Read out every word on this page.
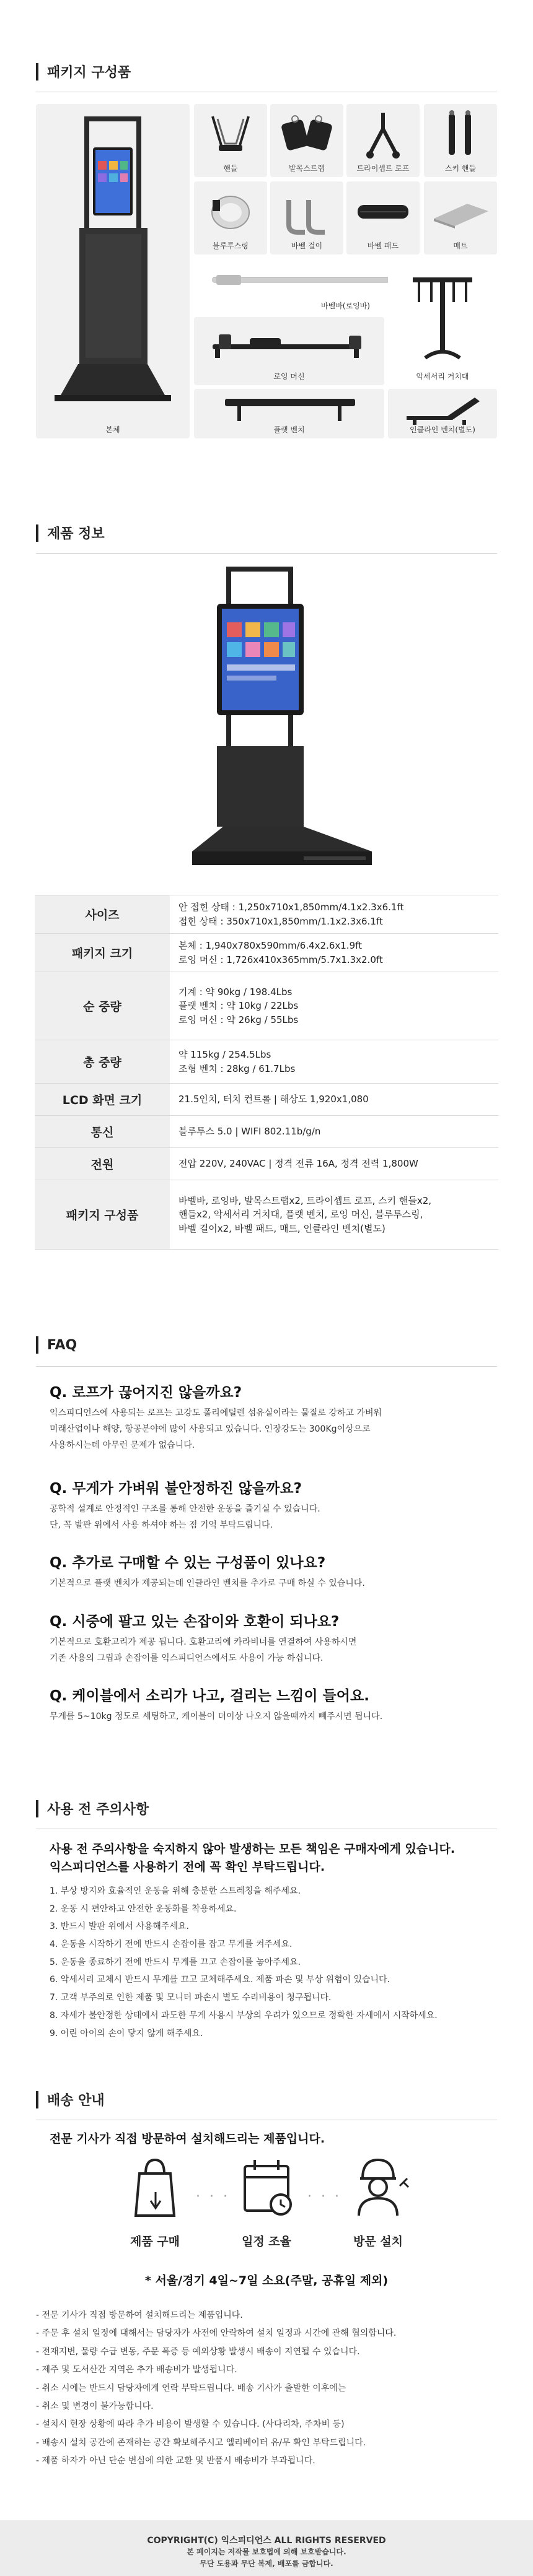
패키지 구성품
본체
핸들	발목스트랩	트라이셉트 로프	스키 핸들
블루투스링	바벨 걸이	바벨 패드	매트
바벨바(로잉바)
로잉 머신	악세서리 거치대
플랫 벤치	인클라인 벤치(별도)
제품 정보
사이즈	안 접힌 상태 : 1,250x710x1,850mm/4.1x2.3x6.1ft
접힌 상태 : 350x710x1,850mm/1.1x2.3x6.1ft
패키지 크기	본체 : 1,940x780x590mm/6.4x2.6x1.9ft
로잉 머신 : 1,726x410x365mm/5.7x1.3x2.0ft
순 중량	기계 : 약 90kg / 198.4Lbs
플랫 벤치 : 약 10kg / 22Lbs
로잉 머신 : 약 26kg / 55Lbs
총 중량	약 115kg / 254.5Lbs
조형 벤치 : 28kg / 61.7Lbs
LCD 화면 크기	21.5인치, 터치 컨트롤 | 해상도 1,920x1,080
통신	블루투스 5.0 | WIFI 802.11b/g/n
전원	전압 220V, 240VAC | 정격 전류 16A, 정격 전력 1,800W
패키지 구성품	바벨바, 로잉바, 발목스트랩x2, 트라이셉트 로프, 스키 핸들x2,
핸들x2, 악세서리 거치대, 플랫 벤치, 로잉 머신, 블루투스링,
바벨 걸이x2, 바벨 패드, 매트, 인클라인 벤치(별도)
FAQ
Q. 로프가 끊어지진 않을까요?
익스피디언스에 사용되는 로프는 고강도 폴리에틸렌 섬유실이라는 물질로 강하고 가벼워
미래산업이나 해양, 항공분야에 많이 사용되고 있습니다. 인장강도는 300Kg이상으로
사용하시는데 아무런 문제가 없습니다.
Q. 무게가 가벼워 불안정하진 않을까요?
공학적 설계로 안정적인 구조를 통해 안전한 운동을 즐기실 수 있습니다.
단, 꼭 발판 위에서 사용 하셔야 하는 점 기억 부탁드립니다.
Q. 추가로 구매할 수 있는 구성품이 있나요?
기본적으로 플랫 벤치가 제공되는데 인클라인 벤치를 추가로 구매 하실 수 있습니다.
Q. 시중에 팔고 있는 손잡이와 호환이 되나요?
기본적으로 호환고리가 제공 됩니다. 호환고리에 카라비너를 연결하여 사용하시면
기존 사용의 그립과 손잡이를 익스피디언스에서도 사용이 가능 하십니다.
Q. 케이블에서 소리가 나고, 걸리는 느낌이 들어요.
무게를 5~10kg 정도로 세팅하고, 케이블이 더이상 나오지 않을때까지 빼주시면 됩니다.
사용 전 주의사항
사용 전 주의사항을 숙지하지 않아 발생하는 모든 책임은 구매자에게 있습니다.
익스피디언스를 사용하기 전에 꼭 확인 부탁드립니다.
1. 부상 방지와 효율적인 운동을 위해 충분한 스트레칭을 해주세요.
2. 운동 시 편안하고 안전한 운동화를 착용하세요.
3. 반드시 발판 위에서 사용해주세요.
4. 운동을 시작하기 전에 반드시 손잡이를 잡고 무게를 켜주세요.
5. 운동을 종료하기 전에 반드시 무게를 끄고 손잡이를 놓아주세요.
6. 악세서리 교체시 반드시 무게를 끄고 교체해주세요. 제품 파손 및 부상 위험이 있습니다.
7. 고객 부주의로 인한 제품 및 모니터 파손시 별도 수리비용이 청구됩니다.
8. 자세가 불안정한 상태에서 과도한 무게 사용시 부상의 우려가 있으므로 정확한 자세에서 시작하세요.
9. 어린 아이의 손이 닿지 않게 해주세요.
배송 안내
전문 기사가 직접 방문하여 설치해드리는 제품입니다.
제품 구매
· · ·
일정 조율
· · ·
방문 설치
* 서울/경기 4일~7일 소요(주말, 공휴일 제외)
- 전문 기사가 직접 방문하여 설치해드리는 제품입니다.
- 주문 후 설치 일정에 대해서는 담당자가 사전에 안락하여 설치 일정과 시간에 관해 협의합니다.
- 전재지변, 물량 수급 변동, 주문 폭증 등 예외상황 발생시 배송이 지연될 수 있습니다.
- 제주 및 도서산간 지역은 추가 배송비가 발생됩니다.
- 취소 시에는 반드시 담당자에게 연락 부탁드립니다. 배송 기사가 출발한 이후에는
- 취소 및 변경이 불가능합니다.
- 설치시 현장 상황에 따라 추가 비용이 발생할 수 있습니다. (사다리차, 주차비 등)
- 배송시 설치 공간에 존재하는 공간 확보해주시고 엘리베이터 유/무 확인 부탁드립니다.
- 제품 하자가 아닌 단순 변심에 의한 교환 및 반품시 배송비가 부과됩니다.
COPYRIGHT(C) 익스피디언스 ALL RIGHTS RESERVED
본 페이지는 저작물 보호법에 의해 보호받습니다.
무단 도용과 무단 복제, 배포를 금합니다.
